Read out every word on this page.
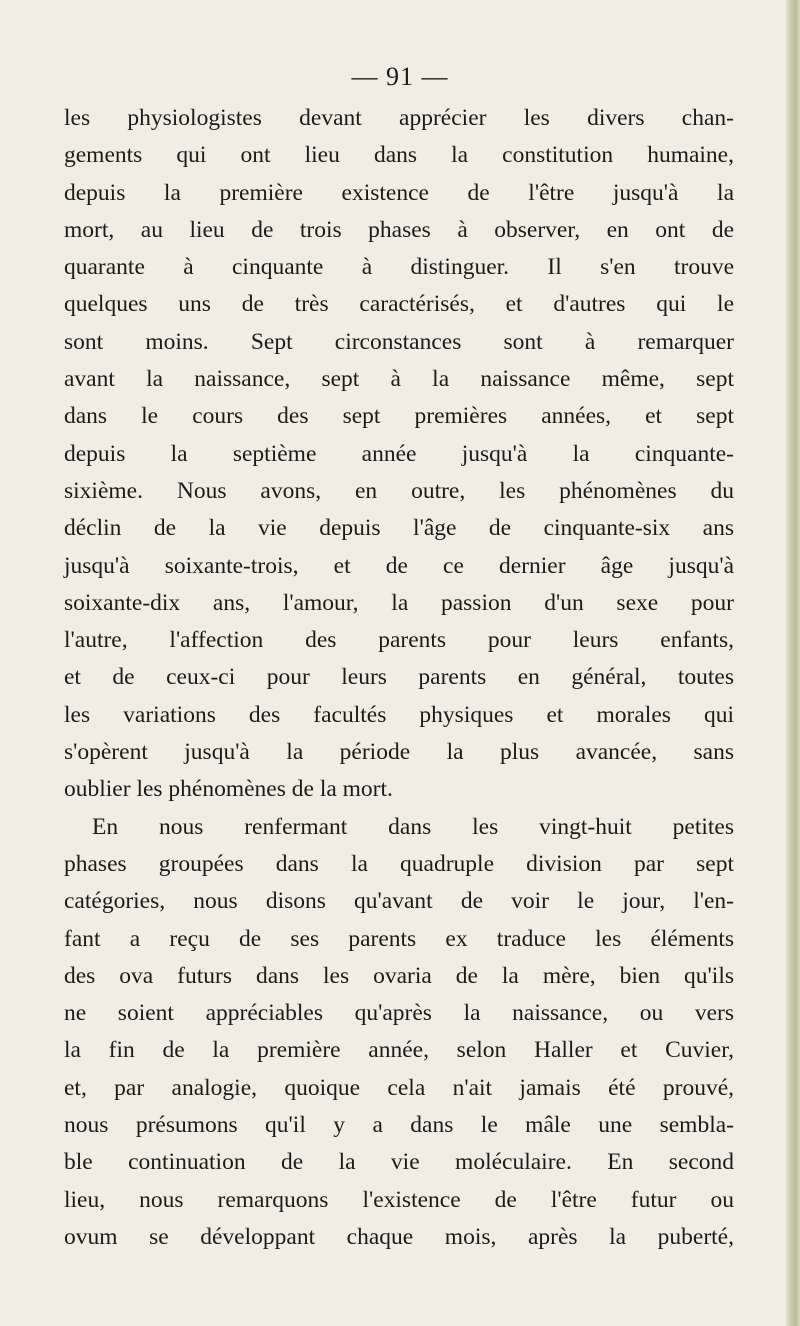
— 91 —
les physiologistes devant apprécier les divers chan-
gements qui ont lieu dans la constitution humaine,
depuis la première existence de l'être jusqu'à la
mort, au lieu de trois phases à observer, en ont de
quarante à cinquante à distinguer. Il s'en trouve
quelques uns de très caractérisés, et d'autres qui le
sont moins. Sept circonstances sont à remarquer
avant la naissance, sept à la naissance même, sept
dans le cours des sept premières années, et sept
depuis la septième année jusqu'à la cinquante-
sixième. Nous avons, en outre, les phénomènes du
déclin de la vie depuis l'âge de cinquante-six ans
jusqu'à soixante-trois, et de ce dernier âge jusqu'à
soixante-dix ans, l'amour, la passion d'un sexe pour
l'autre, l'affection des parents pour leurs enfants,
et de ceux-ci pour leurs parents en général, toutes
les variations des facultés physiques et morales qui
s'opèrent jusqu'à la période la plus avancée, sans
oublier les phénomènes de la mort.
En nous renfermant dans les vingt-huit petites
phases groupées dans la quadruple division par sept
catégories, nous disons qu'avant de voir le jour, l'en-
fant a reçu de ses parents ex traduce les éléments
des ova futurs dans les ovaria de la mère, bien qu'ils
ne soient appréciables qu'après la naissance, ou vers
la fin de la première année, selon Haller et Cuvier,
et, par analogie, quoique cela n'ait jamais été prouvé,
nous présumons qu'il y a dans le mâle une sembla-
ble continuation de la vie moléculaire. En second
lieu, nous remarquons l'existence de l'être futur ou
ovum se développant chaque mois, après la puberté,
